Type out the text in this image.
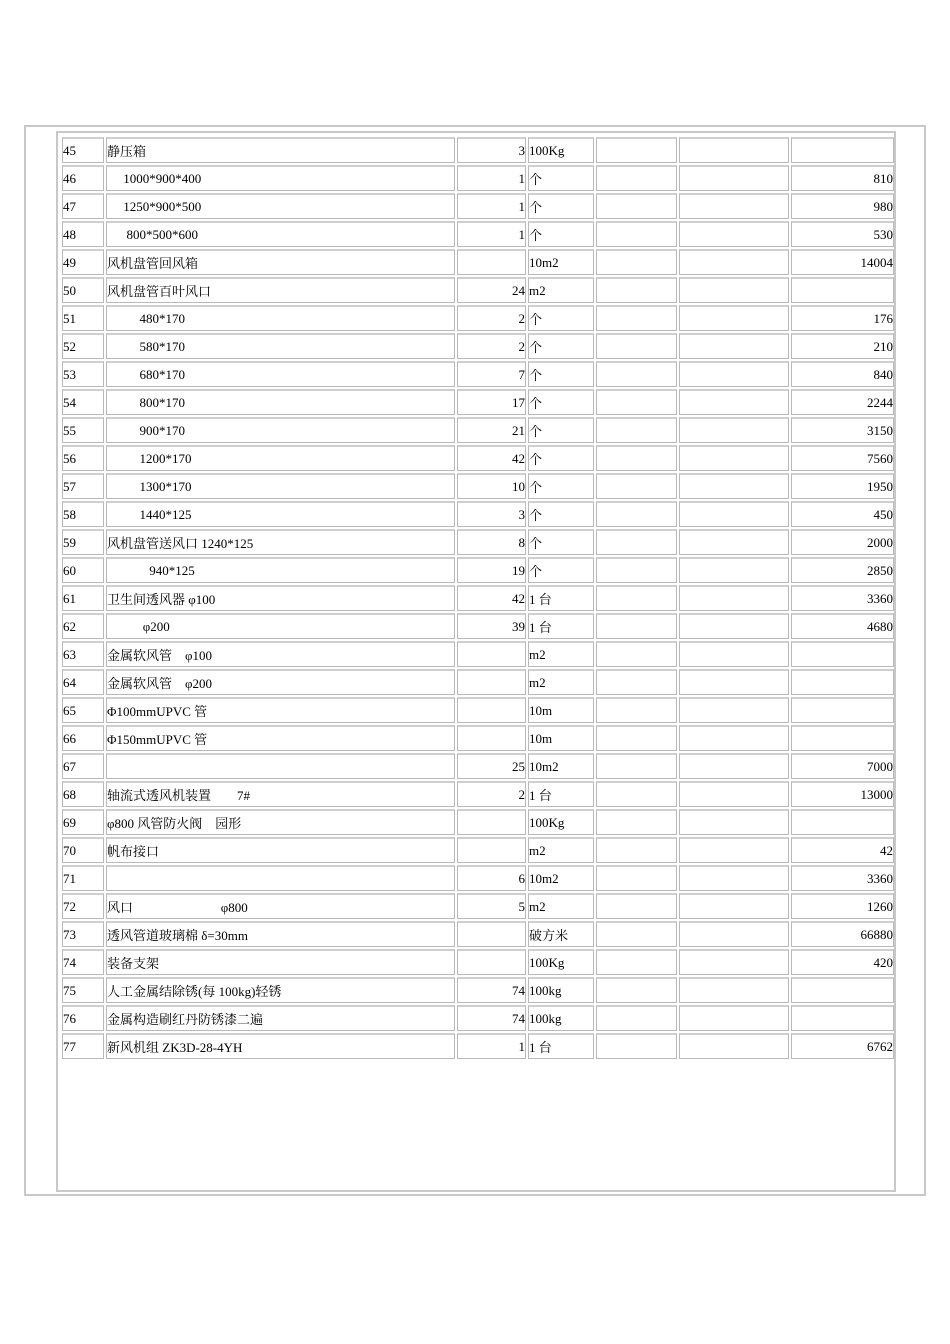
45	静压箱	3	100Kg			
46	1000*900*400	1	个			810
47	1250*900*500	1	个			980
48	800*500*600	1	个			530
49	风机盘管回风箱		10m2			14004
50	风机盘管百叶风口	24	m2			
51	480*170	2	个			176
52	580*170	2	个			210
53	680*170	7	个			840
54	800*170	17	个			2244
55	900*170	21	个			3150
56	1200*170	42	个			7560
57	1300*170	10	个			1950
58	1440*125	3	个			450
59	风机盘管送风口 1240*125	8	个			2000
60	940*125	19	个			2850
61	卫生间透风器 φ100	42	1 台			3360
62	φ200	39	1 台			4680
63	金属软风管    φ100		m2			
64	金属软风管    φ200		m2			
65	Φ100mmUPVC 管		10m			
66	Φ150mmUPVC 管		10m			
67		25	10m2			7000
68	轴流式透风机装置        7#	2	1 台			13000
69	φ800 风管防火阀    园形		100Kg			
70	帆布接口		m2			42
71		6	10m2			3360
72	风口                           φ800	5	m2			1260
73	透风管道玻璃棉 δ=30mm		破方米			66880
74	装备支架		100Kg			420
75	人工金属结除锈(每 100kg)轻锈	74	100kg			
76	金属构造刷红丹防锈漆二遍	74	100kg			
77	新风机组 ZK3D-28-4YH	1	1 台			6762
